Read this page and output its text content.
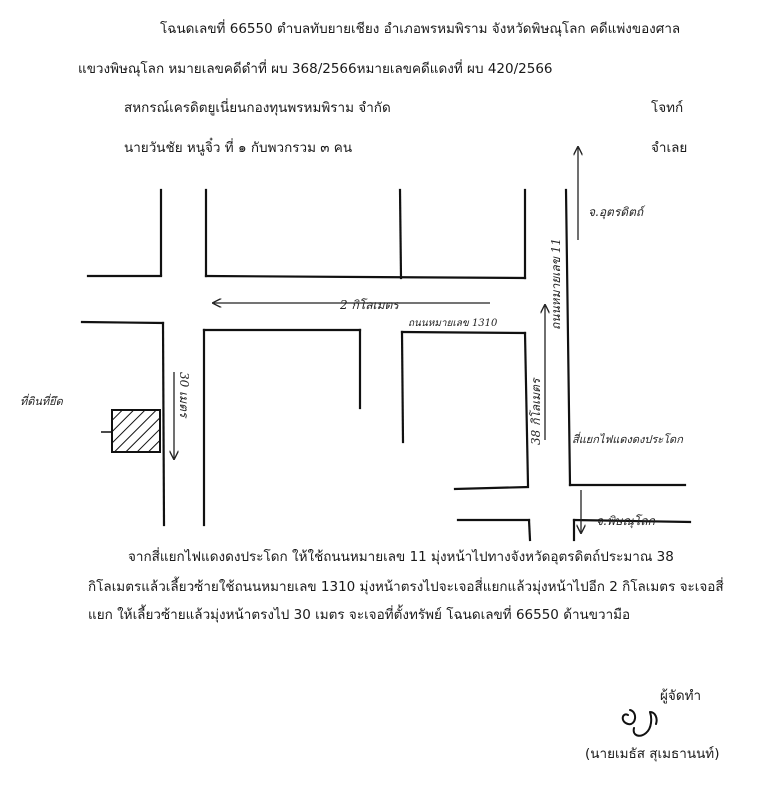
โฉนดเลขที่ 66550 ตำบลทับยายเชียง อำเภอพรหมพิราม จังหวัดพิษณุโลก คดีแพ่งของศาล
แขวงพิษณุโลก หมายเลขคดีดำที่ ผบ 368/2566หมายเลขคดีแดงที่ ผบ 420/2566
สหกรณ์เครดิตยูเนี่ยนกองทุนพรหมพิราม จำกัด	โจทก์
นายวันชัย หนูจิ๋ว ที่ ๑ กับพวกรวม ๓ คน	จำเลย
ถนนหมายเลข 11
38 กิโลเมตร
30 เมตร
จ.อุตรดิตถ์
2 กิโลเมตร
ถนนหมายเลข 1310
ที่ดินที่ยึด
สี่แยกไฟแดงดงประโดก
จ.พิษณุโลก
จากสี่แยกไฟแดงดงประโดก ให้ใช้ถนนหมายเลข 11 มุ่งหน้าไปทางจังหวัดอุตรดิตถ์ประมาณ 38
กิโลเมตรแล้วเลี้ยวซ้ายใช้ถนนหมายเลข 1310 มุ่งหน้าตรงไปจะเจอสี่แยกแล้วมุ่งหน้าไปอีก 2 กิโลเมตร จะเจอสี่
แยก ให้เลี้ยวซ้ายแล้วมุ่งหน้าตรงไป 30 เมตร จะเจอที่ตั้งทรัพย์ โฉนดเลขที่ 66550 ด้านขวามือ
ผู้จัดทำ
(นายเมธัส สุเมธานนท์)
